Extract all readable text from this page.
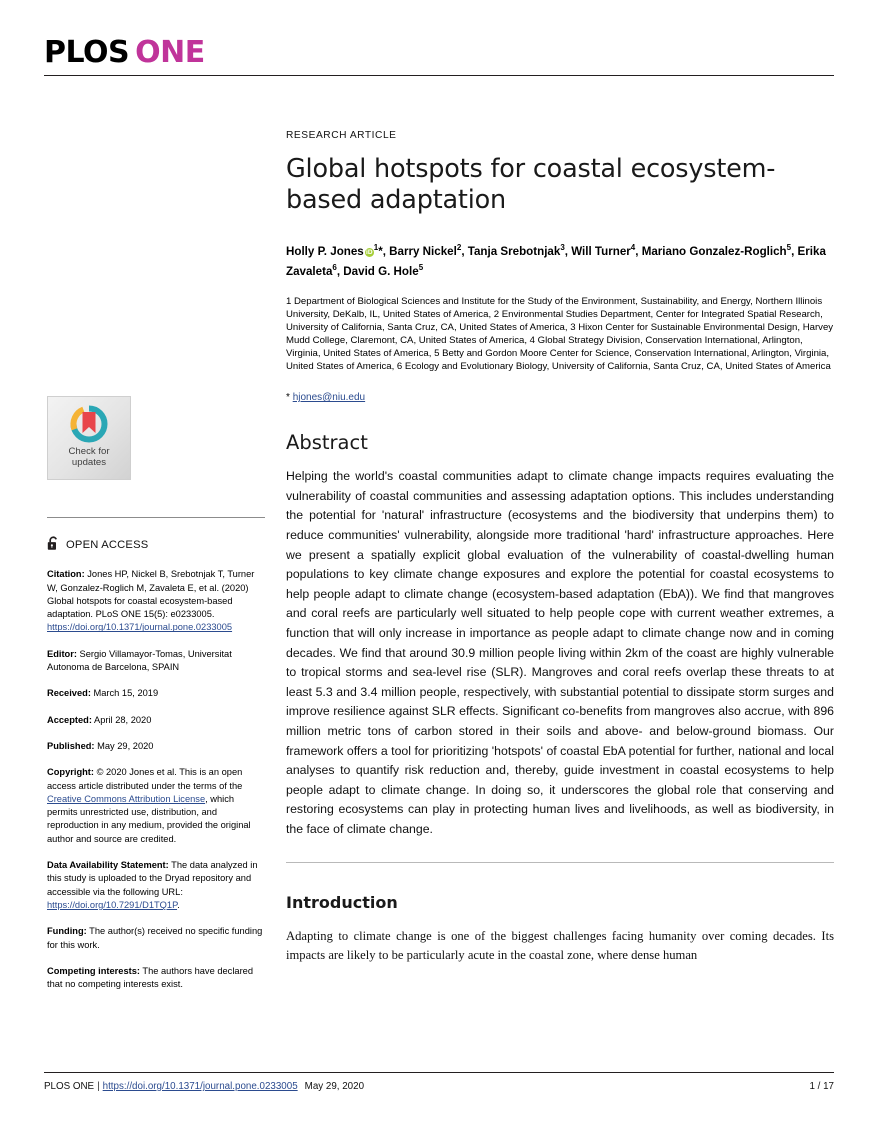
PLOS ONE
Check for
updates
OPEN ACCESS
Citation: Jones HP, Nickel B, Srebotnjak T, Turner W, Gonzalez-Roglich M, Zavaleta E, et al. (2020) Global hotspots for coastal ecosystem-based adaptation. PLoS ONE 15(5): e0233005. https://doi.org/10.1371/journal.pone.0233005
Editor: Sergio Villamayor-Tomas, Universitat Autonoma de Barcelona, SPAIN
Received: March 15, 2019
Accepted: April 28, 2020
Published: May 29, 2020
Copyright: © 2020 Jones et al. This is an open access article distributed under the terms of the Creative Commons Attribution License, which permits unrestricted use, distribution, and reproduction in any medium, provided the original author and source are credited.
Data Availability Statement: The data analyzed in this study is uploaded to the Dryad repository and accessible via the following URL: https://doi.org/10.7291/D1TQ1P.
Funding: The author(s) received no specific funding for this work.
Competing interests: The authors have declared that no competing interests exist.
RESEARCH ARTICLE
Global hotspots for coastal ecosystem-based adaptation
Holly P. Jones $iD^1*$, Barry Nickel$^2$, Tanja Srebotnjak$^3$, Will Turner$^4$, Mariano Gonzalez-Roglich$^5$, Erika Zavaleta$^6$, David G. Hole$^5$
1 Department of Biological Sciences and Institute for the Study of the Environment, Sustainability, and Energy, Northern Illinois University, DeKalb, IL, United States of America, 2 Environmental Studies Department, Center for Integrated Spatial Research, University of California, Santa Cruz, CA, United States of America, 3 Hixon Center for Sustainable Environmental Design, Harvey Mudd College, Claremont, CA, United States of America, 4 Global Strategy Division, Conservation International, Arlington, Virginia, United States of America, 5 Betty and Gordon Moore Center for Science, Conservation International, Arlington, Virginia, United States of America, 6 Ecology and Evolutionary Biology, University of California, Santa Cruz, CA, United States of America
* hjones@niu.edu
Abstract

Helping the world's coastal communities adapt to climate change impacts requires evaluating the vulnerability of coastal communities and assessing adaptation options. This includes understanding the potential for 'natural' infrastructure (ecosystems and the biodiversity that underpins them) to reduce communities' vulnerability, alongside more traditional 'hard' infrastructure approaches. Here we present a spatially explicit global evaluation of the vulnerability of coastal-dwelling human populations to key climate change exposures and explore the potential for coastal ecosystems to help people adapt to climate change (ecosystem-based adaptation (EbA)). We find that mangroves and coral reefs are particularly well situated to help people cope with current weather extremes, a function that will only increase in importance as people adapt to climate change now and in coming decades. We find that around 30.9 million people living within 2km of the coast are highly vulnerable to tropical storms and sea-level rise (SLR). Mangroves and coral reefs overlap these threats to at least 5.3 and 3.4 million people, respectively, with substantial potential to dissipate storm surges and improve resilience against SLR effects. Significant co-benefits from mangroves also accrue, with 896 million metric tons of carbon stored in their soils and above- and below-ground biomass. Our framework offers a tool for prioritizing 'hotspots' of coastal EbA potential for further, national and local analyses to quantify risk reduction and, thereby, guide investment in coastal ecosystems to help people adapt to climate change. In doing so, it underscores the global role that conserving and restoring ecosystems can play in protecting human lives and livelihoods, as well as biodiversity, in the face of climate change.

Introduction

Adapting to climate change is one of the biggest challenges facing humanity over coming decades. Its impacts are likely to be particularly acute in the coastal zone, where dense human

PLOS ONE | https://doi.org/10.1371/journal.pone.0233005 May 29, 2020	1 / 17
